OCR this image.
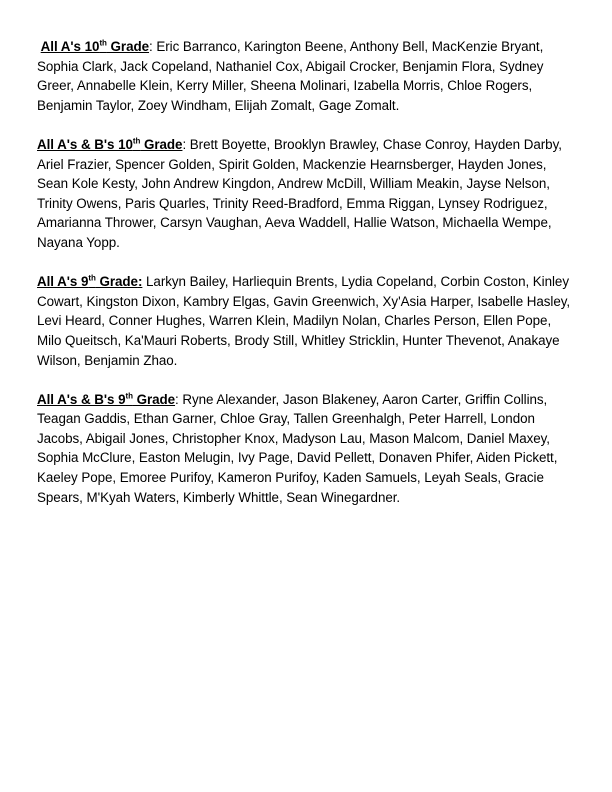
All A's 10th Grade: Eric Barranco, Karington Beene, Anthony Bell, MacKenzie Bryant, Sophia Clark, Jack Copeland, Nathaniel Cox, Abigail Crocker, Benjamin Flora, Sydney Greer, Annabelle Klein, Kerry Miller, Sheena Molinari, Izabella Morris, Chloe Rogers, Benjamin Taylor, Zoey Windham, Elijah Zomalt, Gage Zomalt.

All A's & B's 10th Grade: Brett Boyette, Brooklyn Brawley, Chase Conroy, Hayden Darby, Ariel Frazier, Spencer Golden, Spirit Golden, Mackenzie Hearnsberger, Hayden Jones, Sean Kole Kesty, John Andrew Kingdon, Andrew McDill, William Meakin, Jayse Nelson, Trinity Owens, Paris Quarles, Trinity Reed-Bradford, Emma Riggan, Lynsey Rodriguez, Amarianna Thrower, Carsyn Vaughan, Aeva Waddell, Hallie Watson, Michaella Wempe, Nayana Yopp.

All A's 9th Grade: Larkyn Bailey, Harliequin Brents, Lydia Copeland, Corbin Coston, Kinley Cowart, Kingston Dixon, Kambry Elgas, Gavin Greenwich, Xy'Asia Harper, Isabelle Hasley, Levi Heard, Conner Hughes, Warren Klein, Madilyn Nolan, Charles Person, Ellen Pope, Milo Queitsch, Ka'Mauri Roberts, Brody Still, Whitley Stricklin, Hunter Thevenot, Anakaye Wilson, Benjamin Zhao.

All A's & B's 9th Grade: Ryne Alexander, Jason Blakeney, Aaron Carter, Griffin Collins, Teagan Gaddis, Ethan Garner, Chloe Gray, Tallen Greenhalgh, Peter Harrell, London Jacobs, Abigail Jones, Christopher Knox, Madyson Lau, Mason Malcom, Daniel Maxey, Sophia McClure, Easton Melugin, Ivy Page, David Pellett, Donaven Phifer, Aiden Pickett, Kaeley Pope, Emoree Purifoy, Kameron Purifoy, Kaden Samuels, Leyah Seals, Gracie Spears, M'Kyah Waters, Kimberly Whittle, Sean Winegardner.
